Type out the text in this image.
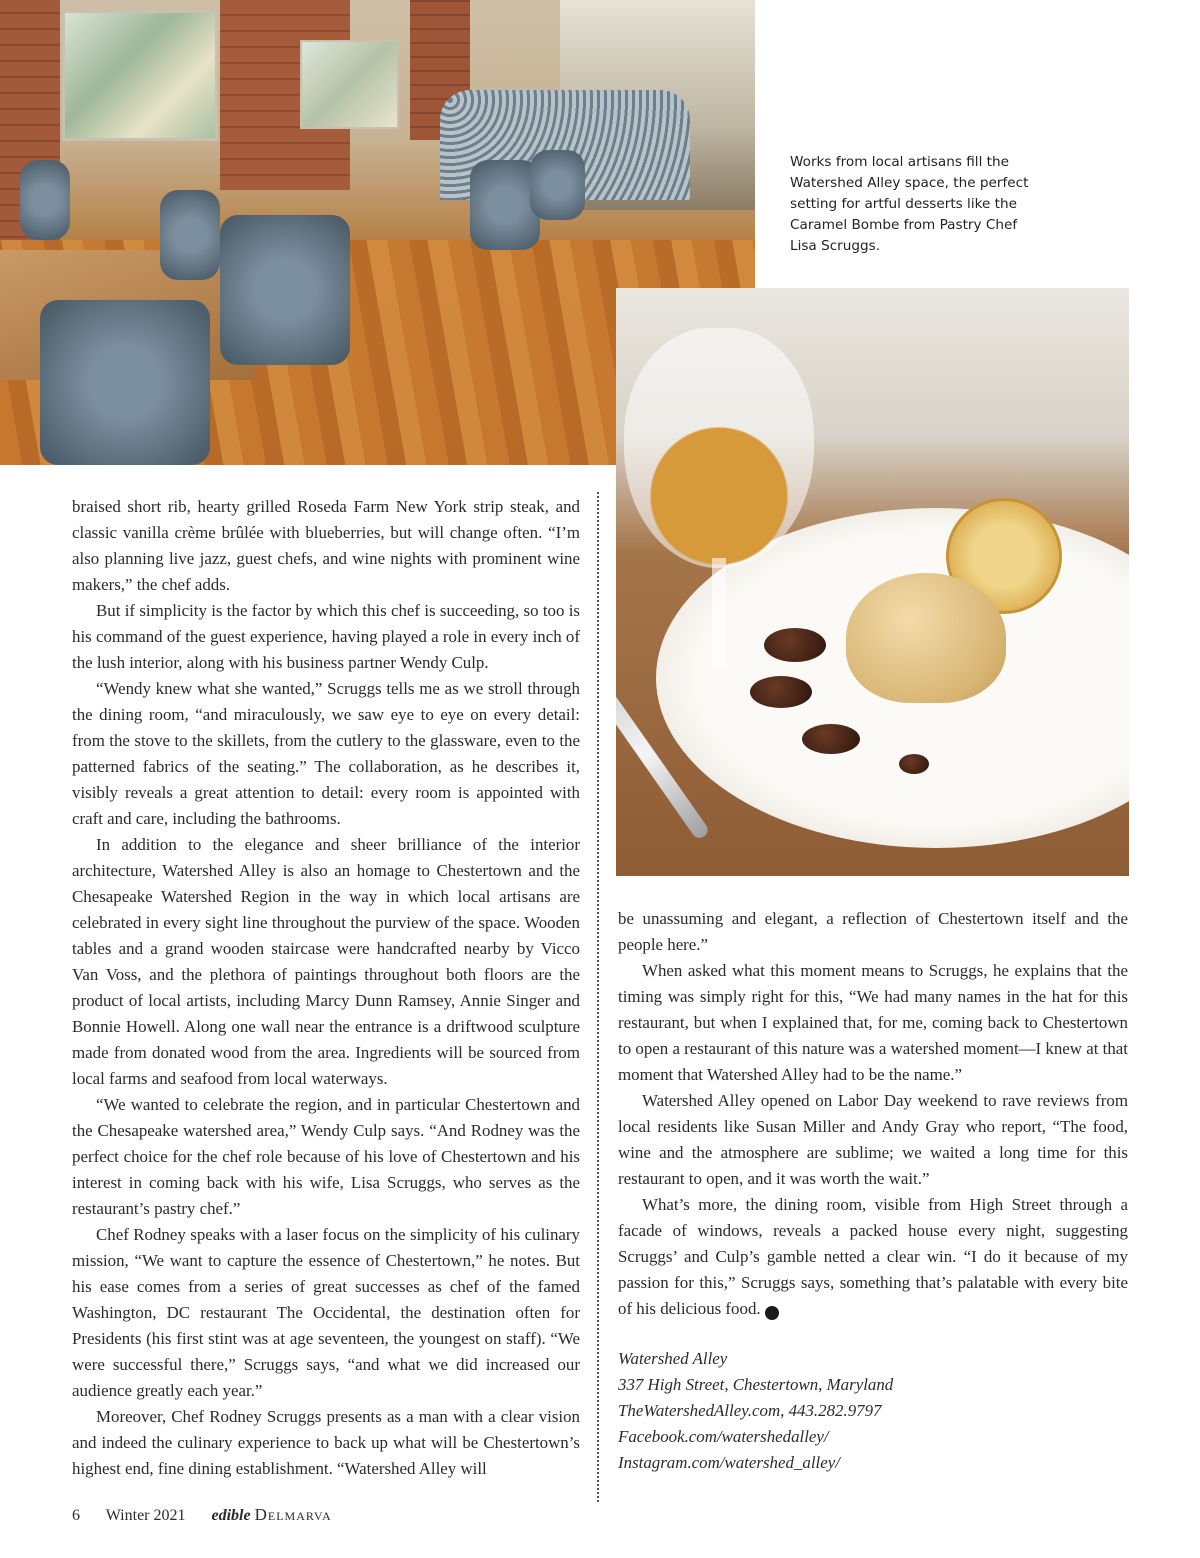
Works from local artisans fill the Watershed Alley space, the perfect setting for artful desserts like the Caramel Bombe from Pastry Chef Lisa Scruggs.

braised short rib, hearty grilled Roseda Farm New York strip steak, and classic vanilla crème brûlée with blueberries, but will change often. “I’m also planning live jazz, guest chefs, and wine nights with prominent wine makers,” the chef adds.

But if simplicity is the factor by which this chef is succeeding, so too is his command of the guest experience, having played a role in every inch of the lush interior, along with his business partner Wendy Culp.

“Wendy knew what she wanted,” Scruggs tells me as we stroll through the dining room, “and miraculously, we saw eye to eye on every detail: from the stove to the skillets, from the cutlery to the glassware, even to the patterned fabrics of the seating.” The collaboration, as he describes it, visibly reveals a great attention to detail: every room is appointed with craft and care, including the bathrooms.

In addition to the elegance and sheer brilliance of the interior architecture, Watershed Alley is also an homage to Chestertown and the Chesapeake Watershed Region in the way in which local artisans are celebrated in every sight line throughout the purview of the space. Wooden tables and a grand wooden staircase were handcrafted nearby by Vicco Van Voss, and the plethora of paintings throughout both floors are the product of local artists, including Marcy Dunn Ramsey, Annie Singer and Bonnie Howell. Along one wall near the entrance is a driftwood sculpture made from donated wood from the area. Ingredients will be sourced from local farms and seafood from local waterways.

“We wanted to celebrate the region, and in particular Chestertown and the Chesapeake watershed area,” Wendy Culp says. “And Rodney was the perfect choice for the chef role because of his love of Chestertown and his interest in coming back with his wife, Lisa Scruggs, who serves as the restaurant’s pastry chef.”

Chef Rodney speaks with a laser focus on the simplicity of his culinary mission, “We want to capture the essence of Chestertown,” he notes. But his ease comes from a series of great successes as chef of the famed Washington, DC restaurant The Occidental, the destination often for Presidents (his first stint was at age seventeen, the youngest on staff). “We were successful there,” Scruggs says, “and what we did increased our audience greatly each year.”

Moreover, Chef Rodney Scruggs presents as a man with a clear vision and indeed the culinary experience to back up what will be Chestertown’s highest end, fine dining establishment. “Watershed Alley will

be unassuming and elegant, a reflection of Chestertown itself and the people here.”

When asked what this moment means to Scruggs, he explains that the timing was simply right for this, “We had many names in the hat for this restaurant, but when I explained that, for me, coming back to Chestertown to open a restaurant of this nature was a watershed moment—I knew at that moment that Watershed Alley had to be the name.”

Watershed Alley opened on Labor Day weekend to rave reviews from local residents like Susan Miller and Andy Gray who report, “The food, wine and the atmosphere are sublime; we waited a long time for this restaurant to open, and it was worth the wait.”

What’s more, the dining room, visible from High Street through a facade of windows, reveals a packed house every night, suggesting Scruggs’ and Culp’s gamble netted a clear win. “I do it because of my passion for this,” Scruggs says, something that’s palatable with every bite of his delicious food.	e

Watershed Alley
337 High Street, Chestertown, Maryland
TheWatershedAlley.com, 443.282.9797
Facebook.com/watershedalley/
Instagram.com/watershed_alley/
6 Winter 2021 edible Delmarva
